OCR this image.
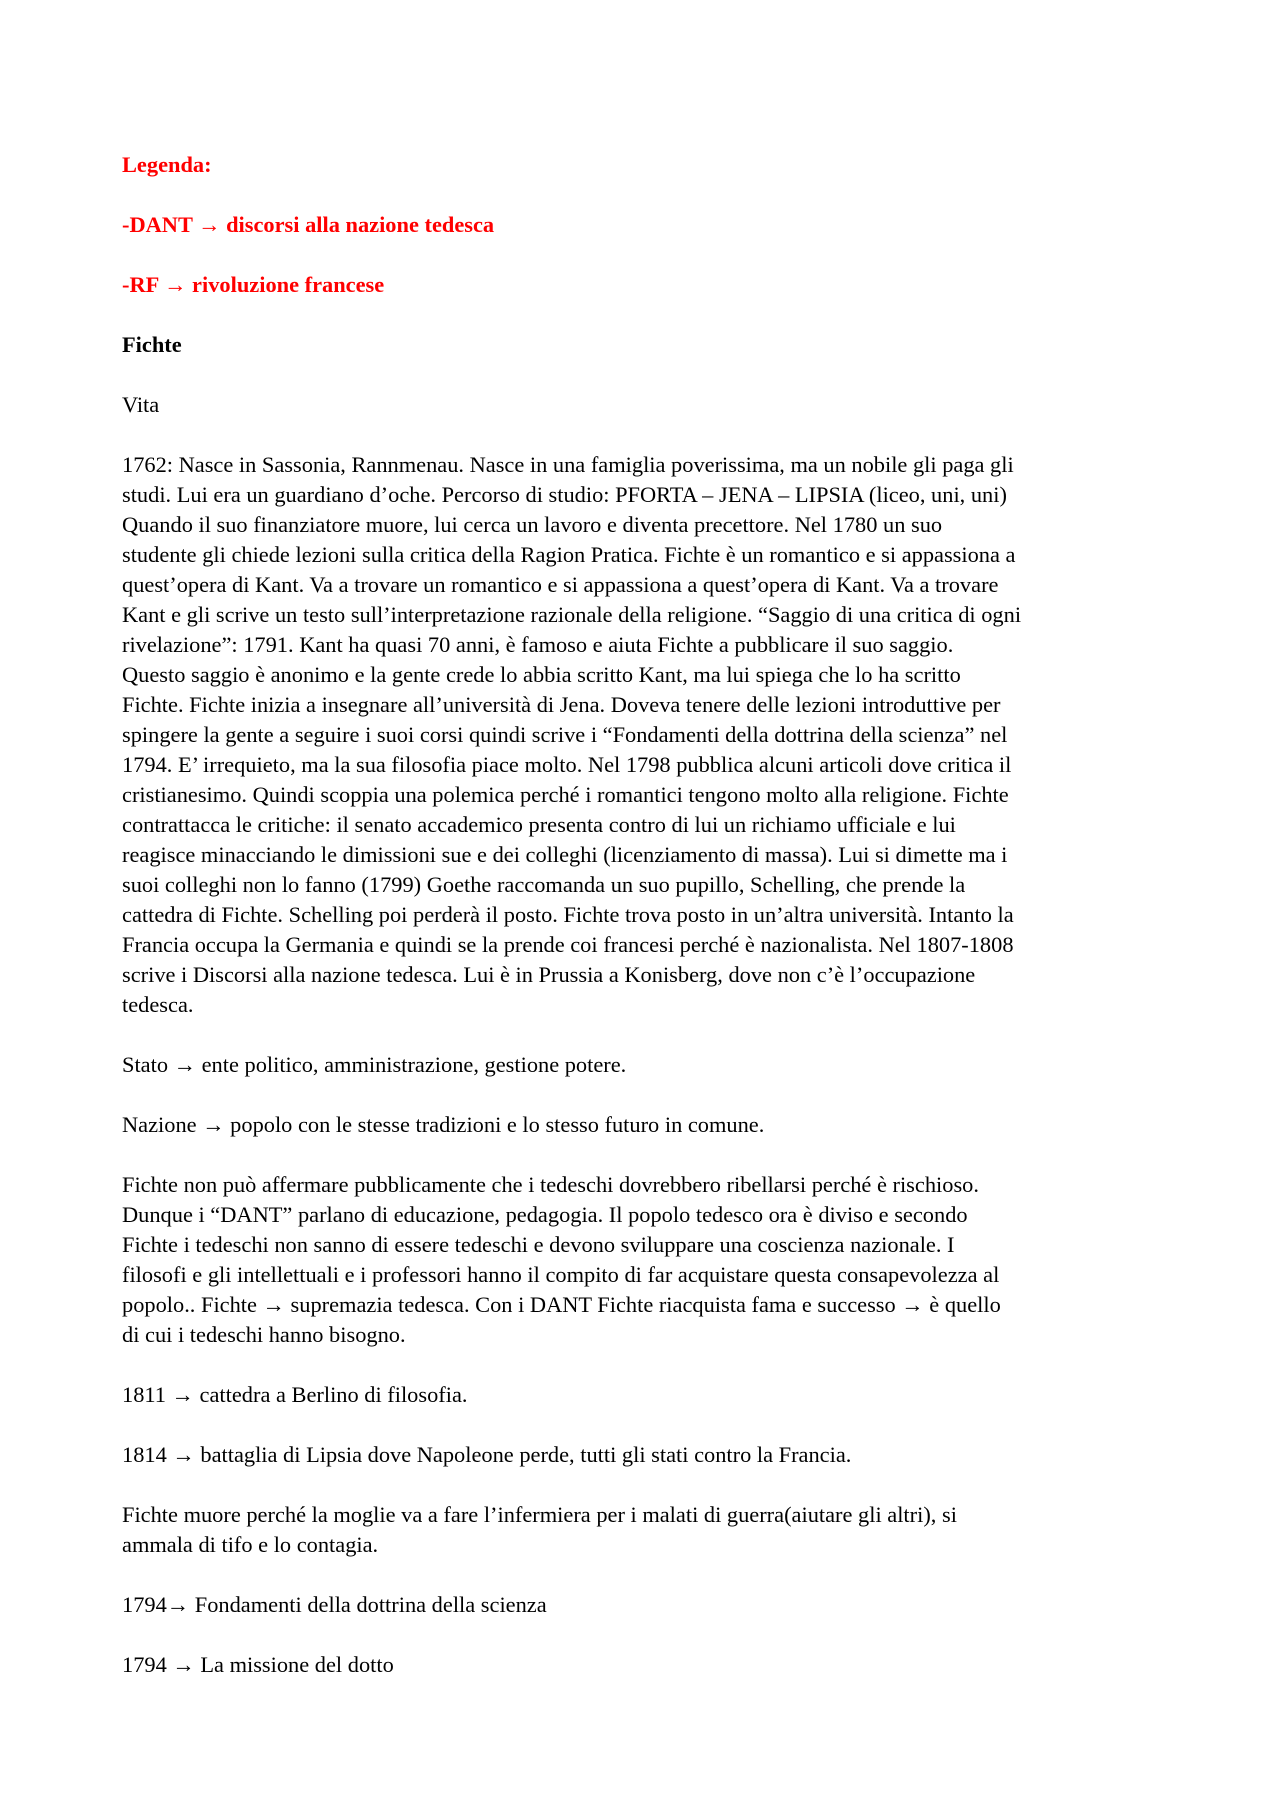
Legenda:

-DANT → discorsi alla nazione tedesca

-RF → rivoluzione francese

Fichte

Vita

1762: Nasce in Sassonia, Rannmenau. Nasce in una famiglia poverissima, ma un nobile gli paga gli
studi. Lui era un guardiano d’oche. Percorso di studio: PFORTA – JENA – LIPSIA (liceo, uni, uni)
Quando il suo finanziatore muore, lui cerca un lavoro e diventa precettore. Nel 1780 un suo
studente gli chiede lezioni sulla critica della Ragion Pratica. Fichte è un romantico e si appassiona a
quest’opera di Kant. Va a trovare un romantico e si appassiona a quest’opera di Kant. Va a trovare
Kant e gli scrive un testo sull’interpretazione razionale della religione. “Saggio di una critica di ogni
rivelazione”: 1791. Kant ha quasi 70 anni, è famoso e aiuta Fichte a pubblicare il suo saggio.
Questo saggio è anonimo e la gente crede lo abbia scritto Kant, ma lui spiega che lo ha scritto
Fichte. Fichte inizia a insegnare all’università di Jena. Doveva tenere delle lezioni introduttive per
spingere la gente a seguire i suoi corsi quindi scrive i “Fondamenti della dottrina della scienza” nel
1794. E’ irrequieto, ma la sua filosofia piace molto. Nel 1798 pubblica alcuni articoli dove critica il
cristianesimo. Quindi scoppia una polemica perché i romantici tengono molto alla religione. Fichte
contrattacca le critiche: il senato accademico presenta contro di lui un richiamo ufficiale e lui
reagisce minacciando le dimissioni sue e dei colleghi (licenziamento di massa). Lui si dimette ma i
suoi colleghi non lo fanno (1799) Goethe raccomanda un suo pupillo, Schelling, che prende la
cattedra di Fichte. Schelling poi perderà il posto. Fichte trova posto in un’altra università. Intanto la
Francia occupa la Germania e quindi se la prende coi francesi perché è nazionalista. Nel 1807-1808
scrive i Discorsi alla nazione tedesca. Lui è in Prussia a Konisberg, dove non c’è l’occupazione
tedesca.

Stato → ente politico, amministrazione, gestione potere.

Nazione → popolo con le stesse tradizioni e lo stesso futuro in comune.

Fichte non può affermare pubblicamente che i tedeschi dovrebbero ribellarsi perché è rischioso.
Dunque i “DANT” parlano di educazione, pedagogia. Il popolo tedesco ora è diviso e secondo
Fichte i tedeschi non sanno di essere tedeschi e devono sviluppare una coscienza nazionale. I
filosofi e gli intellettuali e i professori hanno il compito di far acquistare questa consapevolezza al
popolo.. Fichte → supremazia tedesca. Con i DANT Fichte riacquista fama e successo → è quello
di cui i tedeschi hanno bisogno.

1811 → cattedra a Berlino di filosofia.

1814 → battaglia di Lipsia dove Napoleone perde, tutti gli stati contro la Francia.

Fichte muore perché la moglie va a fare l’infermiera per i malati di guerra(aiutare gli altri), si
ammala di tifo e lo contagia.

1794→ Fondamenti della dottrina della scienza

1794 → La missione del dotto
